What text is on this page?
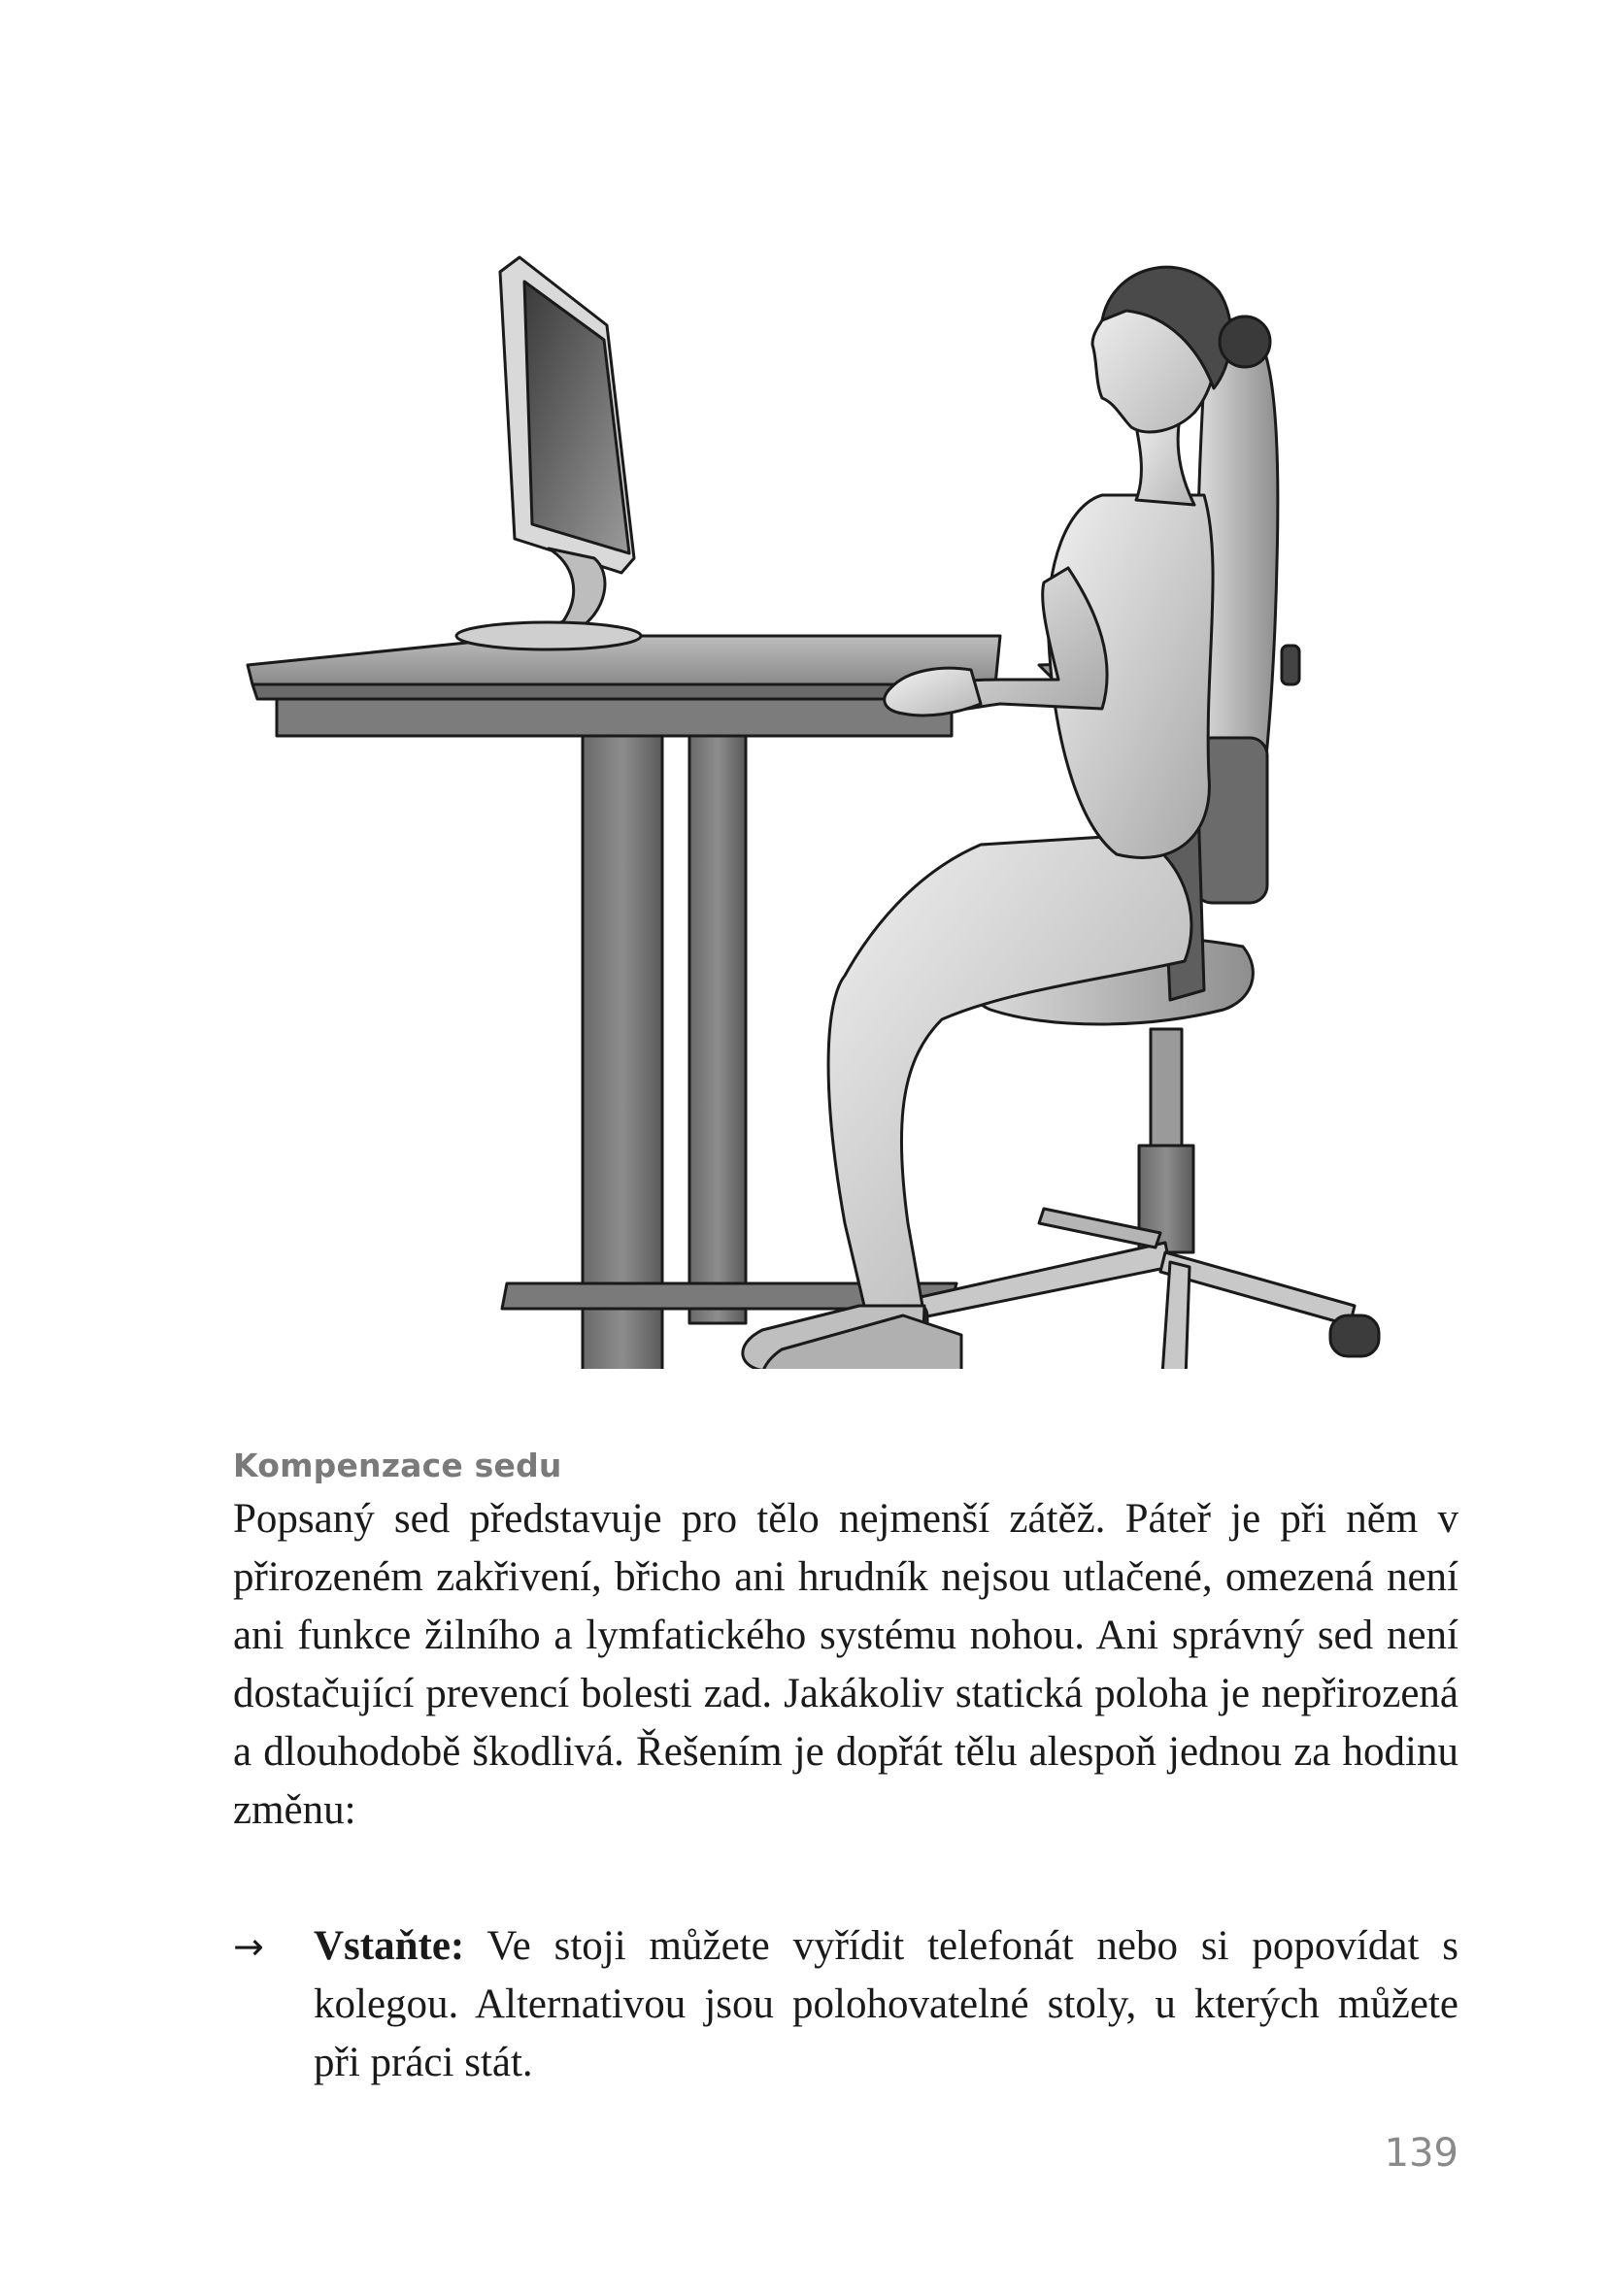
Kompenzace sedu

Popsaný sed představuje pro tělo nejmenší zátěž. Páteř je při něm v přirozeném zakřivení, břicho ani hrudník nejsou utlačené, omezená není ani funkce žilního a lymfatického systému nohou. Ani správný sed není dostačující prevencí bolesti zad. Jakákoliv statická poloha je nepřirozená a dlouhodobě škodlivá. Řešením je dopřát tělu alespoň jednou za hodinu změnu:

→ Vstaňte: Ve stoji můžete vyřídit telefonát nebo si popovídat s kolegou. Alternativou jsou polohovatelné stoly, u kterých můžete při práci stát.
139
